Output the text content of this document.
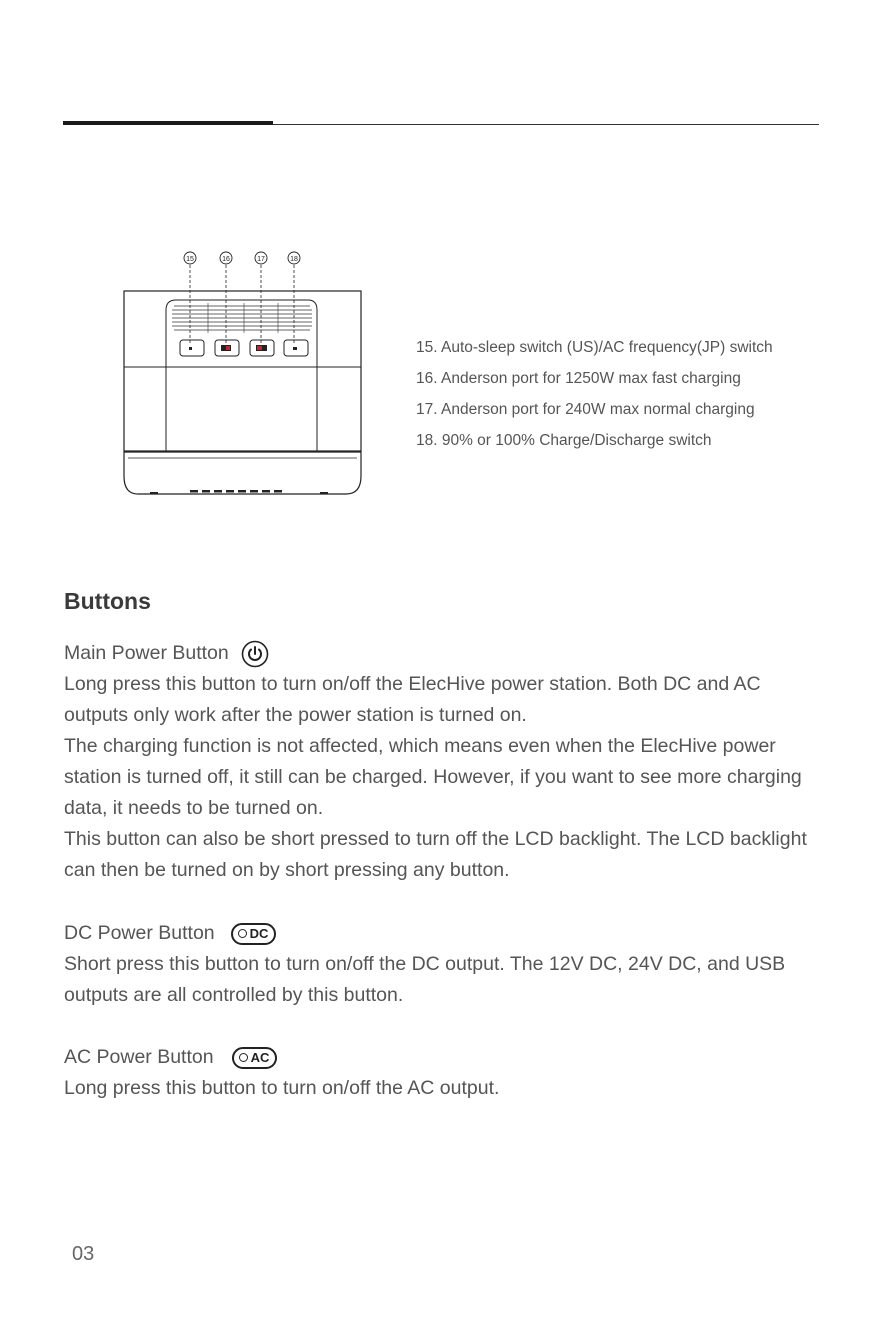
15	16	17	18
15. Auto-sleep switch (US)/AC frequency(JP) switch
16. Anderson port for 1250W max fast charging
17. Anderson port for 240W max normal charging
18. 90% or 100% Charge/Discharge switch
Buttons
Main Power Button

Long press this button to turn on/off the ElecHive power station. Both DC and AC outputs only work after the power station is turned on.

The charging function is not affected, which means even when the ElecHive power station is turned off, it still can be charged. However, if you want to see more charging data, it needs to be turned on.

This button can also be short pressed to turn off the LCD backlight. The LCD backlight can then be turned on by short pressing any button.

DC Power Button	DC

Short press this button to turn on/off the DC output. The 12V DC, 24V DC, and USB outputs are all controlled by this button.

AC Power Button	AC

Long press this button to turn on/off the AC output.

03
